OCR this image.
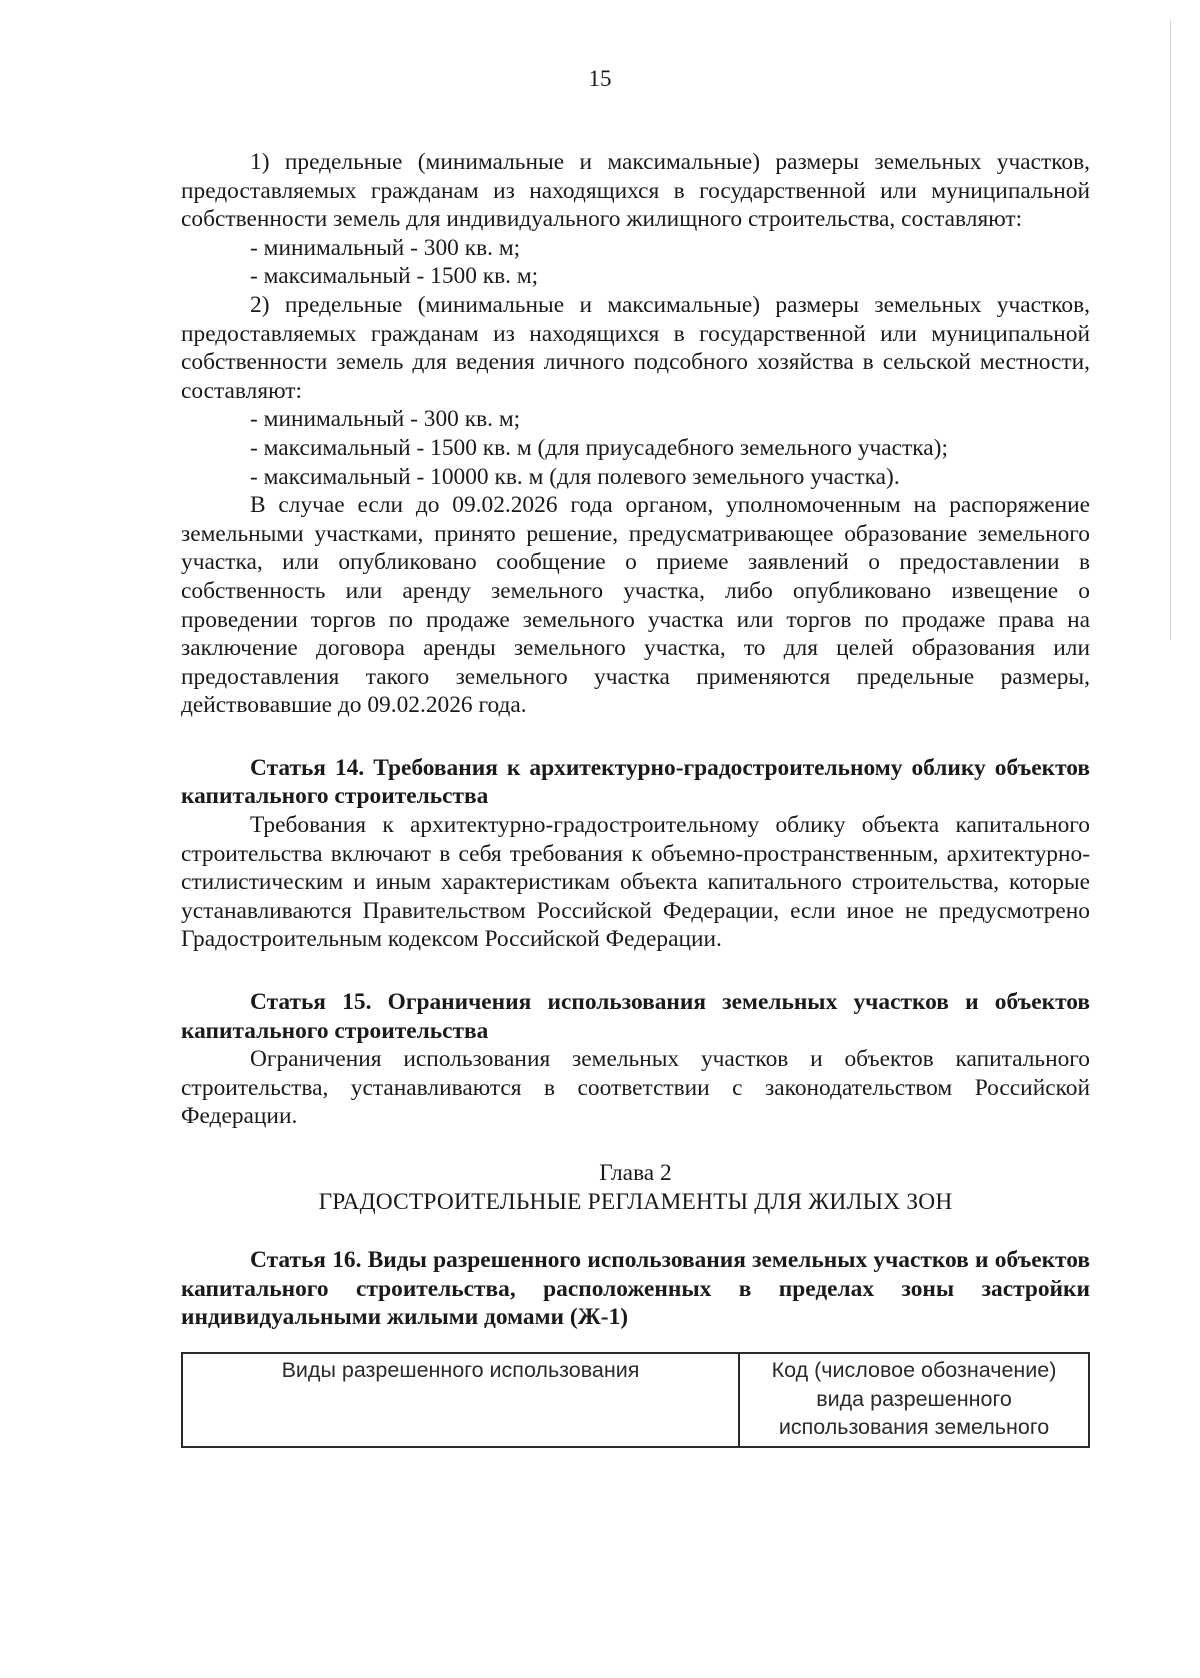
15

1) предельные (минимальные и максимальные) размеры земельных участков, предоставляемых гражданам из находящихся в государственной или муниципальной собственности земель для индивидуального жилищного строительства, составляют:

- минимальный - 300 кв. м;

- максимальный - 1500 кв. м;

2) предельные (минимальные и максимальные) размеры земельных участков, предоставляемых гражданам из находящихся в государственной или муниципальной собственности земель для ведения личного подсобного хозяйства в сельской местности, составляют:

- минимальный - 300 кв. м;

- максимальный - 1500 кв. м (для приусадебного земельного участка);

- максимальный - 10000 кв. м (для полевого земельного участка).

В случае если до 09.02.2026 года органом, уполномоченным на распоряжение земельными участками, принято решение, предусматривающее образование земельного участка, или опубликовано сообщение о приеме заявлений о предоставлении в собственность или аренду земельного участка, либо опубликовано извещение о проведении торгов по продаже земельного участка или торгов по продаже права на заключение договора аренды земельного участка, то для целей образования или предоставления такого земельного участка применяются предельные размеры, действовавшие до 09.02.2026 года.

Статья 14. Требования к архитектурно-градостроительному облику объектов капитального строительства

Требования к архитектурно-градостроительному облику объекта капитального строительства включают в себя требования к объемно-пространственным, архитектурно-стилистическим и иным характеристикам объекта капитального строительства, которые устанавливаются Правительством Российской Федерации, если иное не предусмотрено Градостроительным кодексом Российской Федерации.

Статья 15. Ограничения использования земельных участков и объектов капитального строительства

Ограничения использования земельных участков и объектов капитального строительства, устанавливаются в соответствии с законодательством Российской Федерации.

Глава 2
ГРАДОСТРОИТЕЛЬНЫЕ РЕГЛАМЕНТЫ ДЛЯ ЖИЛЫХ ЗОН

Статья 16. Виды разрешенного использования земельных участков и объектов капитального строительства, расположенных в пределах зоны застройки индивидуальными жилыми домами (Ж-1)

Виды разрешенного использования	Код (числовое обозначение) вида разрешенного использования земельного
